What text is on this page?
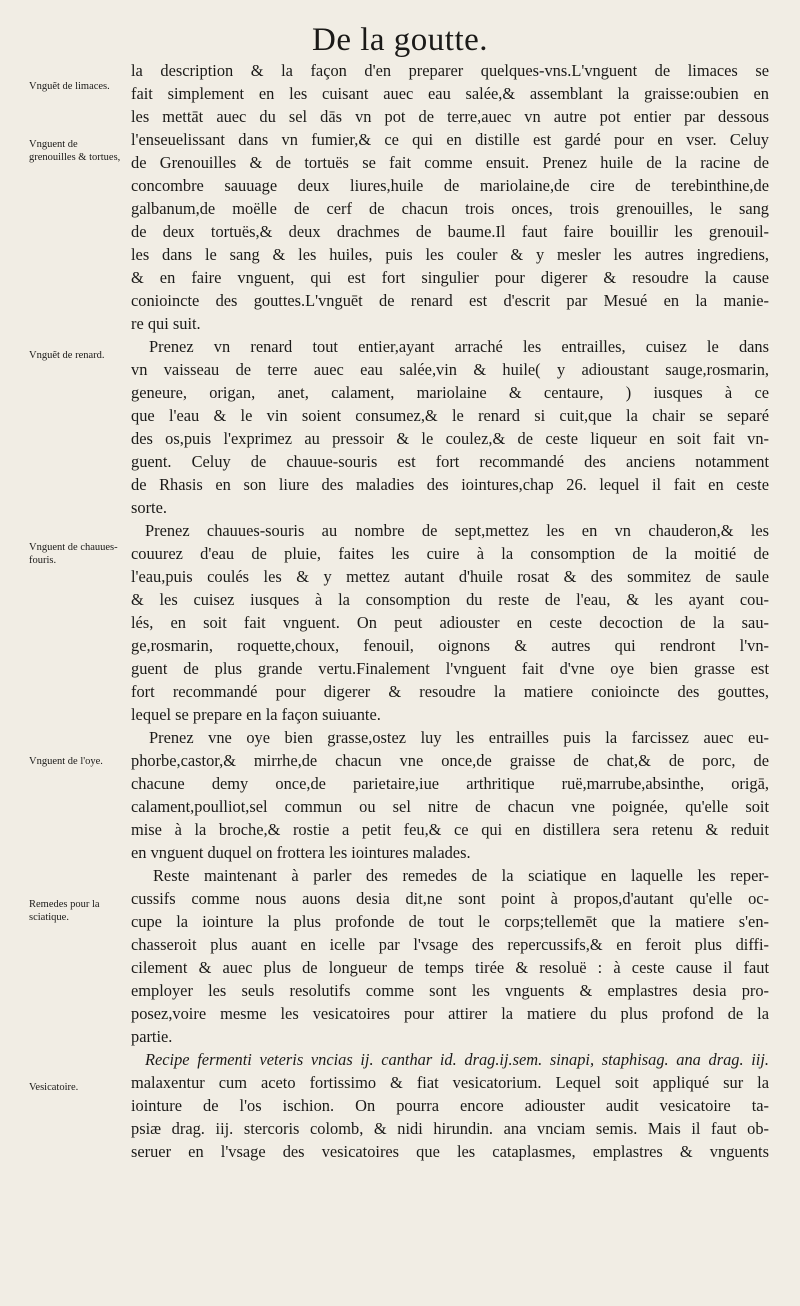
De la goutte.
Vnguẽt de limaces.
Vnguent de grenouilles & tortues,
Vnguẽt de renard.
Vnguent de chauues-fouris.
Vnguent de l'oye.
Remedes pour la sciatique.
Vesicatoire.
la description & la façon d'en preparer quelques-vns.L'vnguent de limaces se
fait simplement en les cuisant auec eau salée,& assemblant la graisse:oubien en
les mettāt auec du sel dās vn pot de terre,auec vn autre pot entier par dessous
l'enseuelissant dans vn fumier,& ce qui en distille est gardé pour en vser. Celuy
de Grenouilles & de tortuës se fait comme ensuit. Prenez huile de la racine de
concombre sauuage deux liures,huile de mariolaine,de cire de terebinthine,de
galbanum,de moëlle de cerf de chacun trois onces, trois grenouilles, le sang
de deux tortuës,& deux drachmes de baume.Il faut faire bouillir les grenouil-
les dans le sang & les huiles, puis les couler & y mesler les autres ingrediens,
& en faire vnguent, qui est fort singulier pour digerer & resoudre la cause
conioincte des gouttes.L'vnguēt de renard est d'escrit par Mesué en la manie-
re qui suit.
Prenez vn renard tout entier,ayant arraché les entrailles, cuisez le dans
vn vaisseau de terre auec eau salée,vin & huile( y adioustant sauge,rosmarin,
geneure, origan, anet, calament, mariolaine & centaure, ) iusques à ce
que l'eau & le vin soient consumez,& le renard si cuit,que la chair se separé
des os,puis l'exprimez au pressoir & le coulez,& de ceste liqueur en soit fait vn-
guent. Celuy de chauue-souris est fort recommandé des anciens notamment
de Rhasis en son liure des maladies des iointures,chap 26. lequel il fait en ceste
sorte.
Prenez chauues-souris au nombre de sept,mettez les en vn chauderon,& les
couurez d'eau de pluie, faites les cuire à la consomption de la moitié de
l'eau,puis coulés les & y mettez autant d'huile rosat & des sommitez de saule
& les cuisez iusques à la consomption du reste de l'eau, & les ayant cou-
lés, en soit fait vnguent. On peut adiouster en ceste decoction de la sau-
ge,rosmarin, roquette,choux, fenouil, oignons & autres qui rendront l'vn-
guent de plus grande vertu.Finalement l'vnguent fait d'vne oye bien grasse est
fort recommandé pour digerer & resoudre la matiere conioincte des gouttes,
lequel se prepare en la façon suiuante.
Prenez vne oye bien grasse,ostez luy les entrailles puis la farcissez auec eu-
phorbe,castor,& mirrhe,de chacun vne once,de graisse de chat,& de porc, de
chacune demy once,de parietaire,iue arthritique ruë,marrube,absinthe, origā,
calament,poulliot,sel commun ou sel nitre de chacun vne poignée, qu'elle soit
mise à la broche,& rostie a petit feu,& ce qui en distillera sera retenu & reduit
en vnguent duquel on frottera les iointures malades.
Reste maintenant à parler des remedes de la sciatique en laquelle les reper-
cussifs comme nous auons desia dit,ne sont point à propos,d'autant qu'elle oc-
cupe la iointure la plus profonde de tout le corps;tellemēt que la matiere s'en-
chasseroit plus auant en icelle par l'vsage des repercussifs,& en feroit plus diffi-
cilement & auec plus de longueur de temps tirée & resoluë : à ceste cause il faut
employer les seuls resolutifs comme sont les vnguents & emplastres desia pro-
posez,voire mesme les vesicatoires pour attirer la matiere du plus profond de la
partie.
Recipe fermenti veteris vncias ij. canthar id. drag.ij.sem. sinapi, staphisag. ana drag. iij.
malaxentur cum aceto fortissimo & fiat vesicatorium. Lequel soit appliqué sur la
iointure de l'os ischion. On pourra encore adiouster audit vesicatoire ta-
psiæ drag. iij. stercoris colomb, & nidi hirundin. ana vnciam semis. Mais il faut ob-
seruer en l'vsage des vesicatoires que les cataplasmes, emplastres & vnguents
